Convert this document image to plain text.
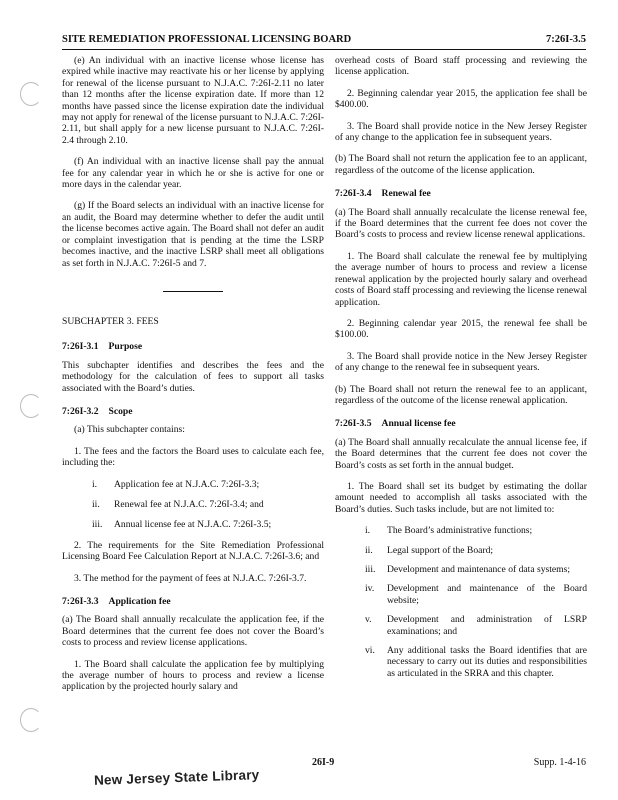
SITE REMEDIATION PROFESSIONAL LICENSING BOARD	7:26I-3.5

(e) An individual with an inactive license whose license has expired while inactive may reactivate his or her license by applying for renewal of the license pursuant to N.J.A.C. 7:26I-2.11 no later than 12 months after the license expiration date. If more than 12 months have passed since the license expiration date the individual may not apply for renewal of the license pursuant to N.J.A.C. 7:26I-2.11, but shall apply for a new license pursuant to N.J.A.C. 7:26I-2.4 through 2.10.

(f) An individual with an inactive license shall pay the annual fee for any calendar year in which he or she is active for one or more days in the calendar year.

(g) If the Board selects an individual with an inactive license for an audit, the Board may determine whether to defer the audit until the license becomes active again. The Board shall not defer an audit or complaint investigation that is pending at the time the LSRP becomes inactive, and the inactive LSRP shall meet all obligations as set forth in N.J.A.C. 7:26I-5 and 7.

SUBCHAPTER 3. FEES

7:26I-3.1 Purpose

This subchapter identifies and describes the fees and the methodology for the calculation of fees to support all tasks associated with the Board’s duties.

7:26I-3.2 Scope

(a) This subchapter contains:

1. The fees and the factors the Board uses to calculate each fee, including the:

i.	Application fee at N.J.A.C. 7:26I-3.3;
ii.	Renewal fee at N.J.A.C. 7:26I-3.4; and
iii.	Annual license fee at N.J.A.C. 7:26I-3.5;

2. The requirements for the Site Remediation Professional Licensing Board Fee Calculation Report at N.J.A.C. 7:26I-3.6; and

3. The method for the payment of fees at N.J.A.C. 7:26I-3.7.

7:26I-3.3 Application fee

(a) The Board shall annually recalculate the application fee, if the Board determines that the current fee does not cover the Board’s costs to process and review license applications.

1. The Board shall calculate the application fee by multiplying the average number of hours to process and review a license application by the projected hourly salary and

overhead costs of Board staff processing and reviewing the license application.

2. Beginning calendar year 2015, the application fee shall be $400.00.

3. The Board shall provide notice in the New Jersey Register of any change to the application fee in subsequent years.

(b) The Board shall not return the application fee to an applicant, regardless of the outcome of the license application.

7:26I-3.4 Renewal fee

(a) The Board shall annually recalculate the license renewal fee, if the Board determines that the current fee does not cover the Board’s costs to process and review license renewal applications.

1. The Board shall calculate the renewal fee by multiplying the average number of hours to process and review a license renewal application by the projected hourly salary and overhead costs of Board staff processing and reviewing the license renewal application.

2. Beginning calendar year 2015, the renewal fee shall be $100.00.

3. The Board shall provide notice in the New Jersey Register of any change to the renewal fee in subsequent years.

(b) The Board shall not return the renewal fee to an applicant, regardless of the outcome of the license renewal application.

7:26I-3.5 Annual license fee

(a) The Board shall annually recalculate the annual license fee, if the Board determines that the current fee does not cover the Board’s costs as set forth in the annual budget.

1. The Board shall set its budget by estimating the dollar amount needed to accomplish all tasks associated with the Board’s duties. Such tasks include, but are not limited to:

i.	The Board’s administrative functions;
ii.	Legal support of the Board;
iii.	Development and maintenance of data systems;
iv.	Development and maintenance of the Board website;
v.	Development and administration of LSRP examinations; and
vi.	Any additional tasks the Board identifies that are necessary to carry out its duties and responsibilities as articulated in the SRRA and this chapter.
26I-9	Supp. 1-4-16
New Jersey State Library
